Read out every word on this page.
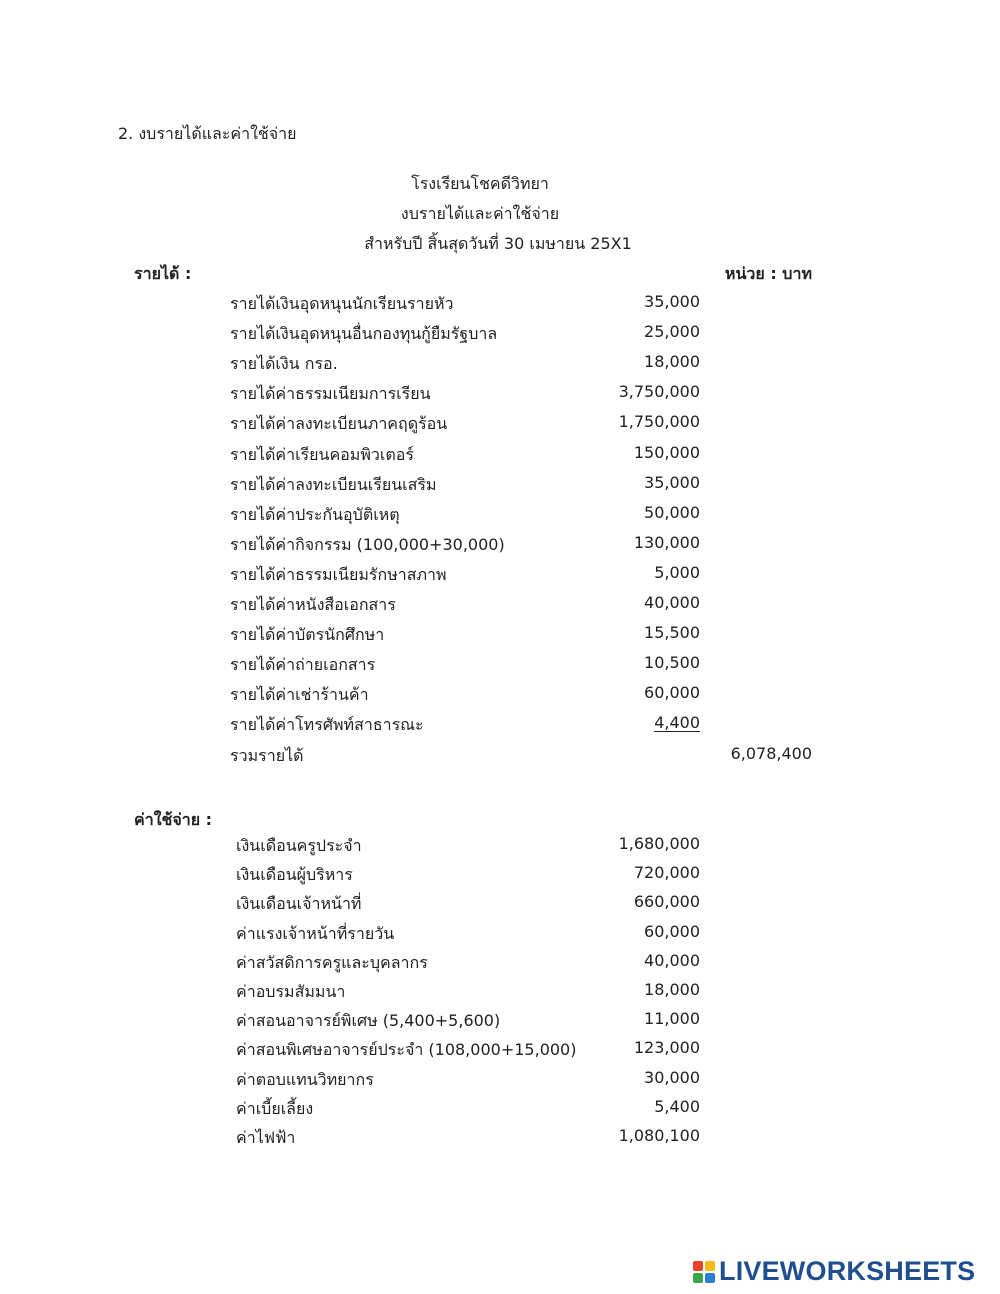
2. งบรายได้และค่าใช้จ่าย
โรงเรียนโชคดีวิทยา
งบรายได้และค่าใช้จ่าย
สำหรับปี สิ้นสุดวันที่ 30 เมษายน 25X1
รายได้ :	หน่วย : บาท
รายได้เงินอุดหนุนนักเรียนรายหัว	35,000
รายได้เงินอุดหนุนอื่นกองทุนกู้ยืมรัฐบาล	25,000
รายได้เงิน กรอ.	18,000
รายได้ค่าธรรมเนียมการเรียน	3,750,000
รายได้ค่าลงทะเบียนภาคฤดูร้อน	1,750,000
รายได้ค่าเรียนคอมพิวเตอร์	150,000
รายได้ค่าลงทะเบียนเรียนเสริม	35,000
รายได้ค่าประกันอุบัติเหตุ	50,000
รายได้ค่ากิจกรรม (100,000+30,000)	130,000
รายได้ค่าธรรมเนียมรักษาสภาพ	5,000
รายได้ค่าหนังสือเอกสาร	40,000
รายได้ค่าบัตรนักศึกษา	15,500
รายได้ค่าถ่ายเอกสาร	10,500
รายได้ค่าเช่าร้านค้า	60,000
รายได้ค่าโทรศัพท์สาธารณะ	4,400
รวมรายได้	6,078,400
ค่าใช้จ่าย :
เงินเดือนครูประจำ	1,680,000
เงินเดือนผู้บริหาร	720,000
เงินเดือนเจ้าหน้าที่	660,000
ค่าแรงเจ้าหน้าที่รายวัน	60,000
ค่าสวัสดิการครูและบุคลากร	40,000
ค่าอบรมสัมมนา	18,000
ค่าสอนอาจารย์พิเศษ (5,400+5,600)	11,000
ค่าสอนพิเศษอาจารย์ประจำ (108,000+15,000)	123,000
ค่าตอบแทนวิทยากร	30,000
ค่าเบี้ยเลี้ยง	5,400
ค่าไฟฟ้า	1,080,100
LIVEWORKSHEETS
